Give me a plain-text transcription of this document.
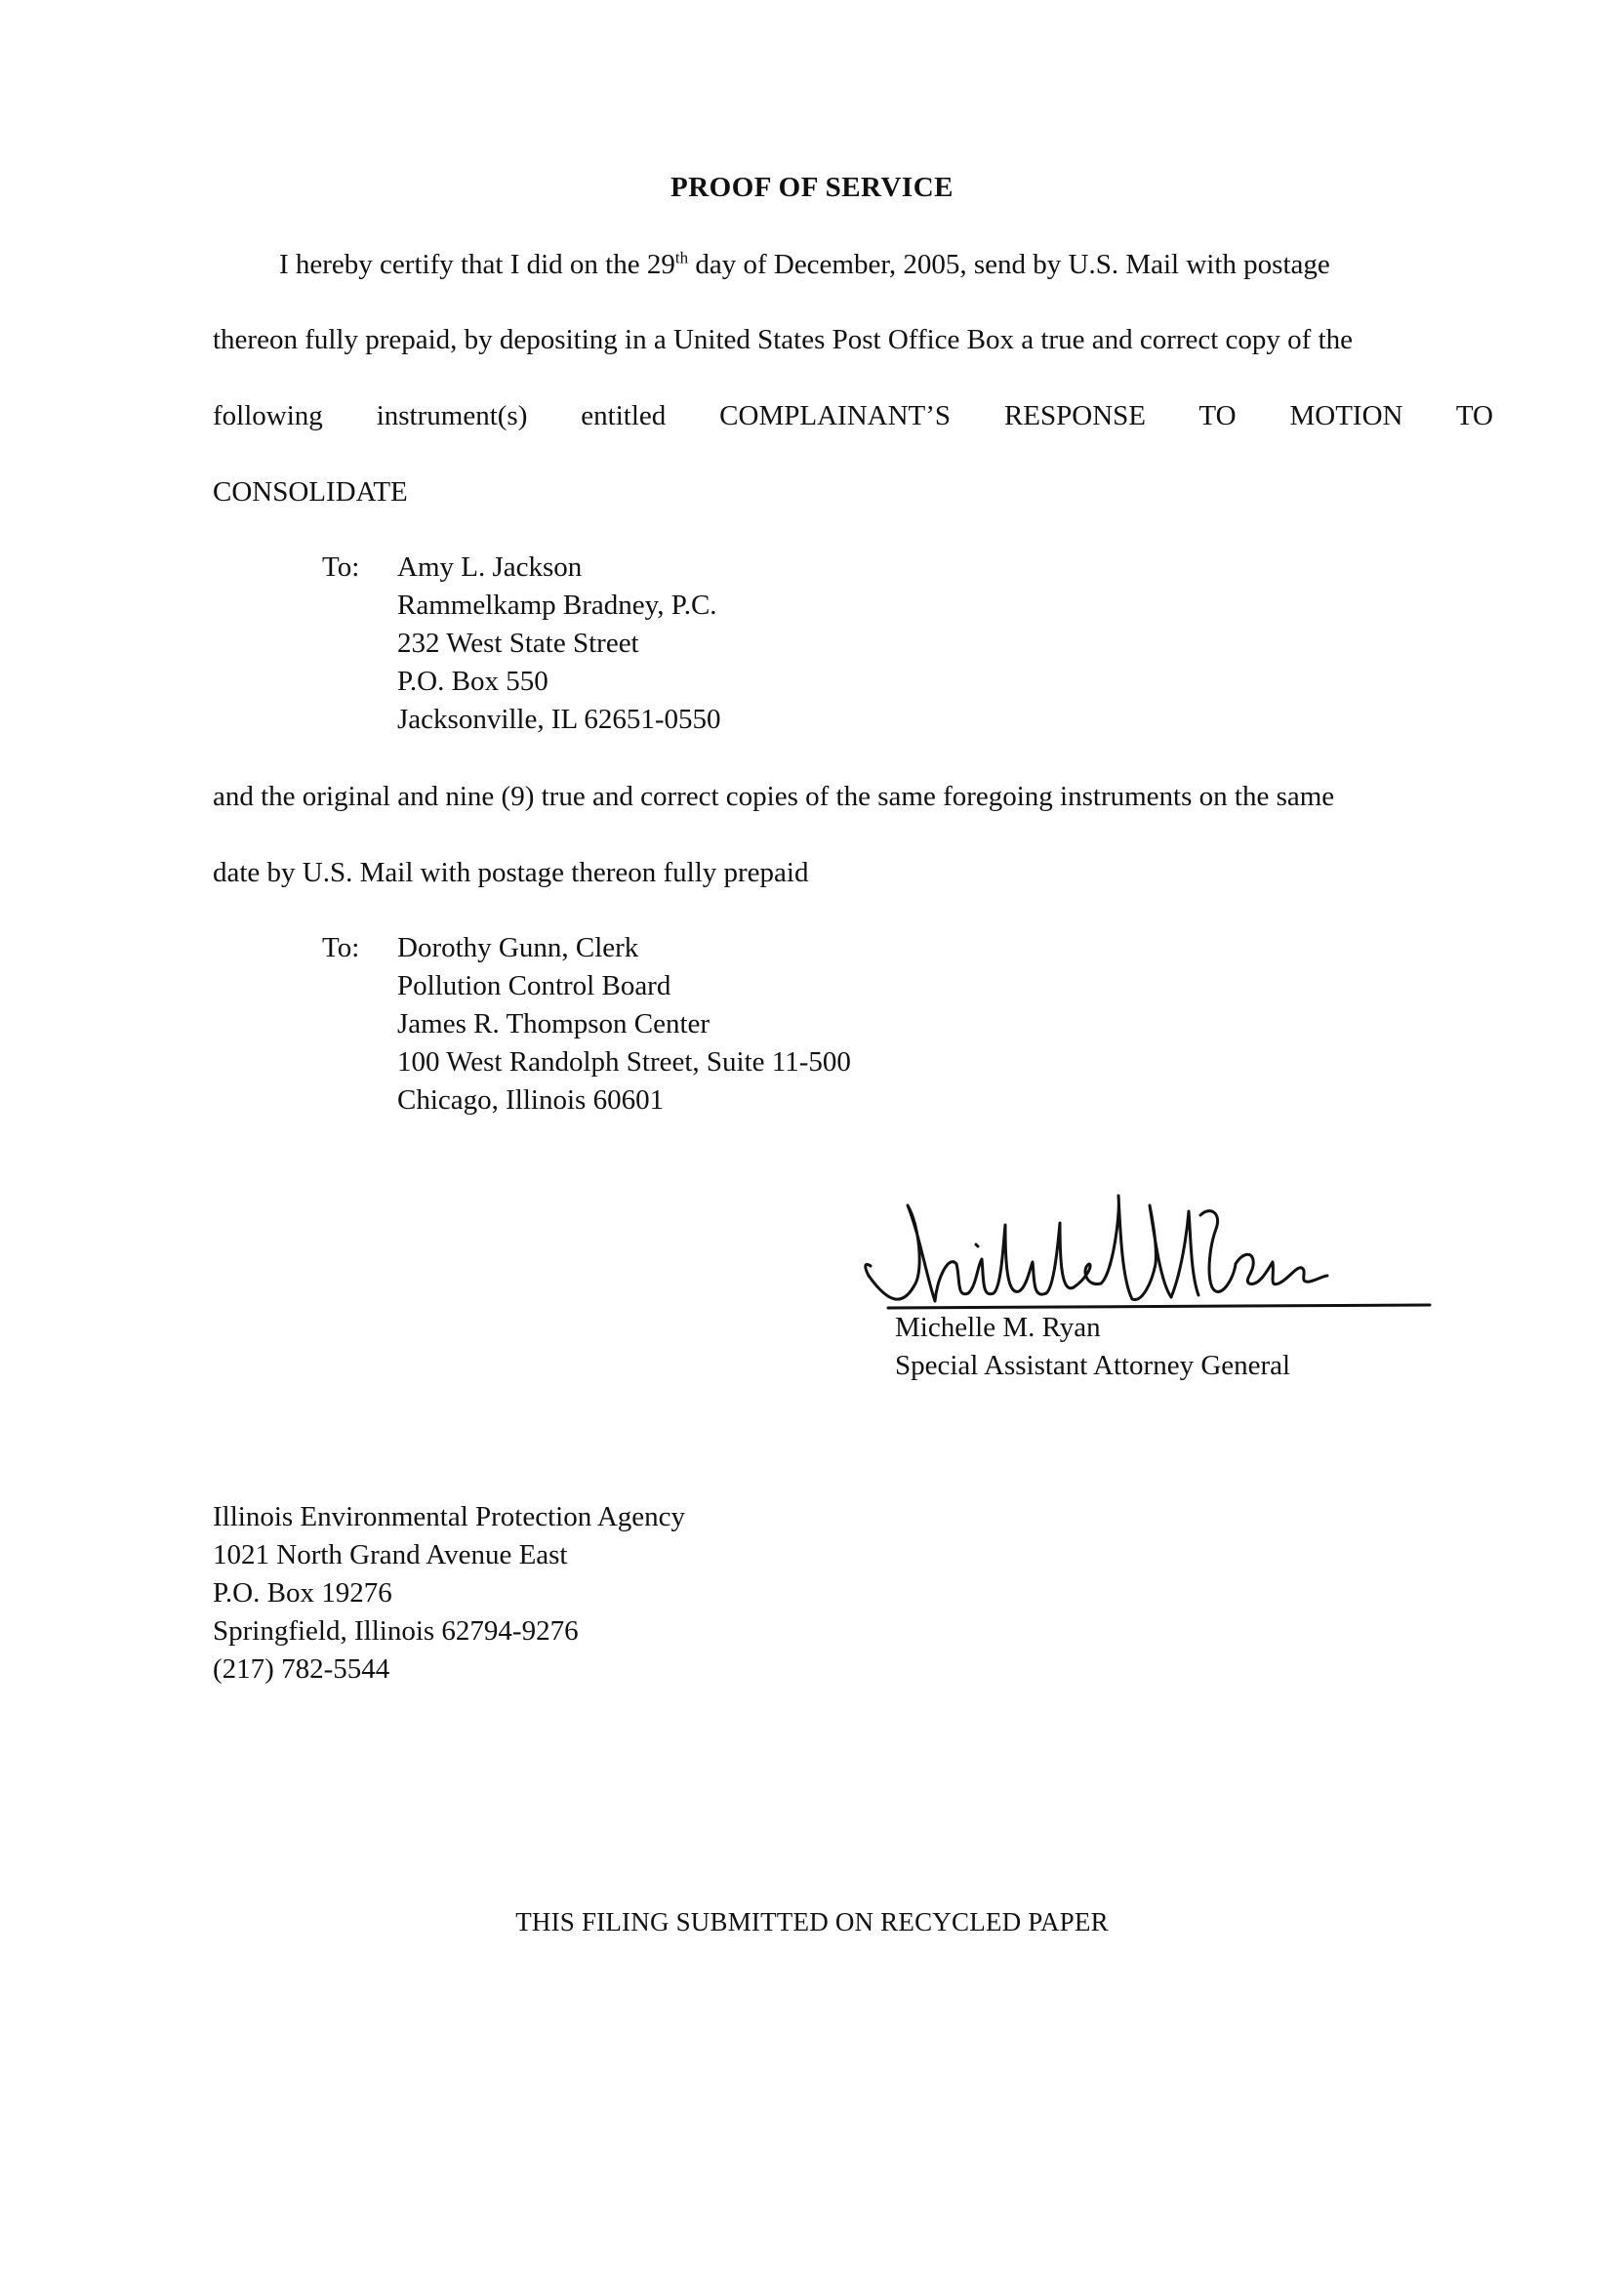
PROOF OF SERVICE
I hereby certify that I did on the 29th day of December, 2005, send by U.S. Mail with postage
thereon fully prepaid, by depositing in a United States Post Office Box a true and correct copy of the
following instrument(s) entitled COMPLAINANT’S RESPONSE TO MOTION TO
CONSOLIDATE
To: Amy L. Jackson
Rammelkamp Bradney, P.C.
232 West State Street
P.O. Box 550
Jacksonville, IL 62651-0550
and the original and nine (9) true and correct copies of the same foregoing instruments on the same
date by U.S. Mail with postage thereon fully prepaid
To: Dorothy Gunn, Clerk
Pollution Control Board
James R. Thompson Center
100 West Randolph Street, Suite 11-500
Chicago, Illinois 60601
Michelle M. Ryan
Special Assistant Attorney General
Illinois Environmental Protection Agency
1021 North Grand Avenue East
P.O. Box 19276
Springfield, Illinois 62794-9276
(217) 782-5544
THIS FILING SUBMITTED ON RECYCLED PAPER
